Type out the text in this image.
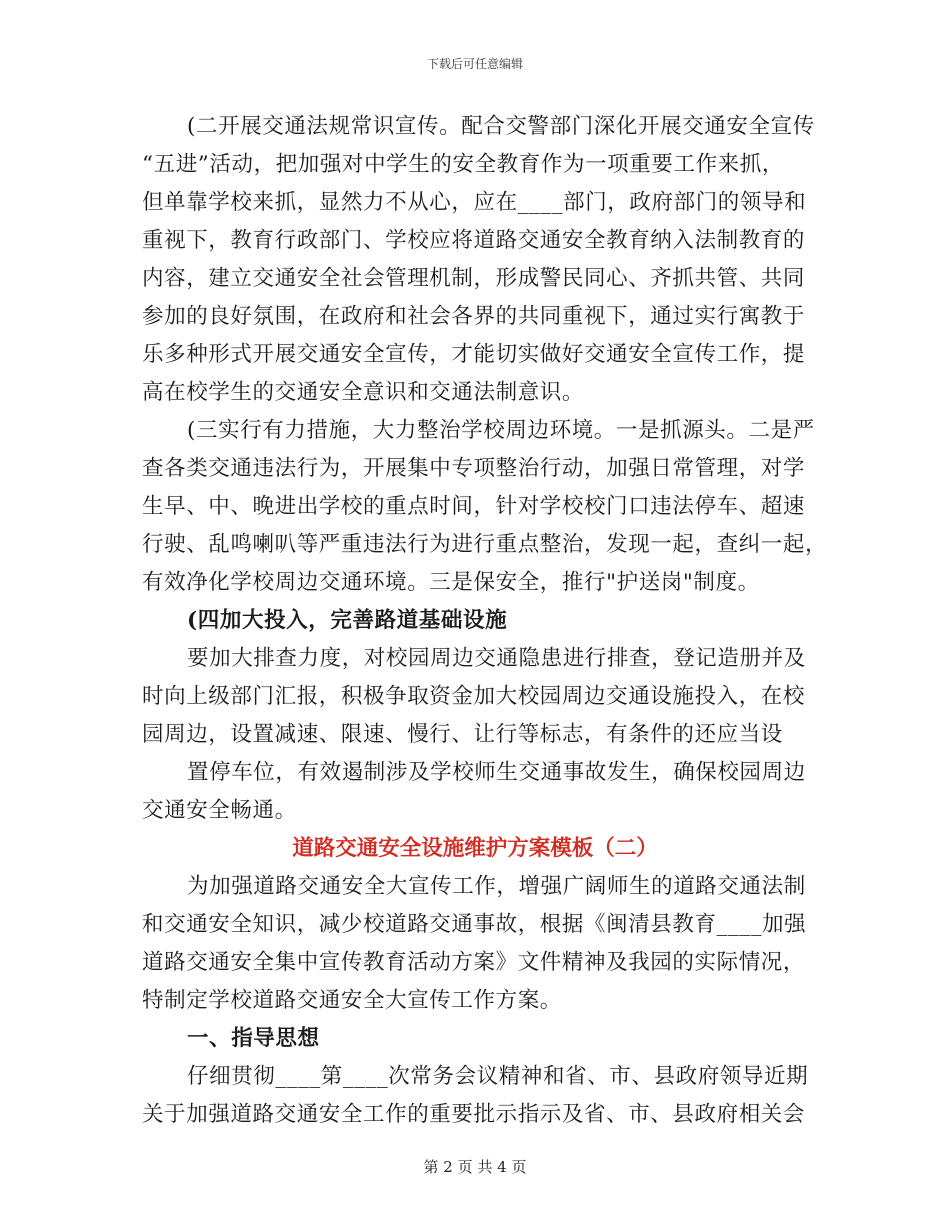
下载后可任意编辑
(二开展交通法规常识宣传。配合交警部门深化开展交通安全宣传
“五进”活动，把加强对中学生的安全教育作为一项重要工作来抓，
但单靠学校来抓，显然力不从心，应在____部门，政府部门的领导和
重视下，教育行政部门、学校应将道路交通安全教育纳入法制教育的
内容，建立交通安全社会管理机制，形成警民同心、齐抓共管、共同
参加的良好氛围，在政府和社会各界的共同重视下，通过实行寓教于
乐多种形式开展交通安全宣传，才能切实做好交通安全宣传工作，提
高在校学生的交通安全意识和交通法制意识。
(三实行有力措施，大力整治学校周边环境。一是抓源头。二是严
查各类交通违法行为，开展集中专项整治行动，加强日常管理，对学
生早、中、晚进出学校的重点时间，针对学校校门口违法停车、超速
行驶、乱鸣喇叭等严重违法行为进行重点整治，发现一起，查纠一起，
有效净化学校周边交通环境。三是保安全，推行"护送岗"制度。
(四加大投入，完善路道基础设施
要加大排查力度，对校园周边交通隐患进行排查，登记造册并及
时向上级部门汇报，积极争取资金加大校园周边交通设施投入，在校
园周边，设置减速、限速、慢行、让行等标志，有条件的还应当设
置停车位，有效遏制涉及学校师生交通事故发生，确保校园周边
交通安全畅通。
道路交通安全设施维护方案模板（二）
为加强道路交通安全大宣传工作，增强广阔师生的道路交通法制
和交通安全知识，减少校道路交通事故，根据《闽清县教育____加强
道路交通安全集中宣传教育活动方案》文件精神及我园的实际情况，
特制定学校道路交通安全大宣传工作方案。
一、指导思想
仔细贯彻____第____次常务会议精神和省、市、县政府领导近期
关于加强道路交通安全工作的重要批示指示及省、市、县政府相关会
第 2 页 共 4 页
